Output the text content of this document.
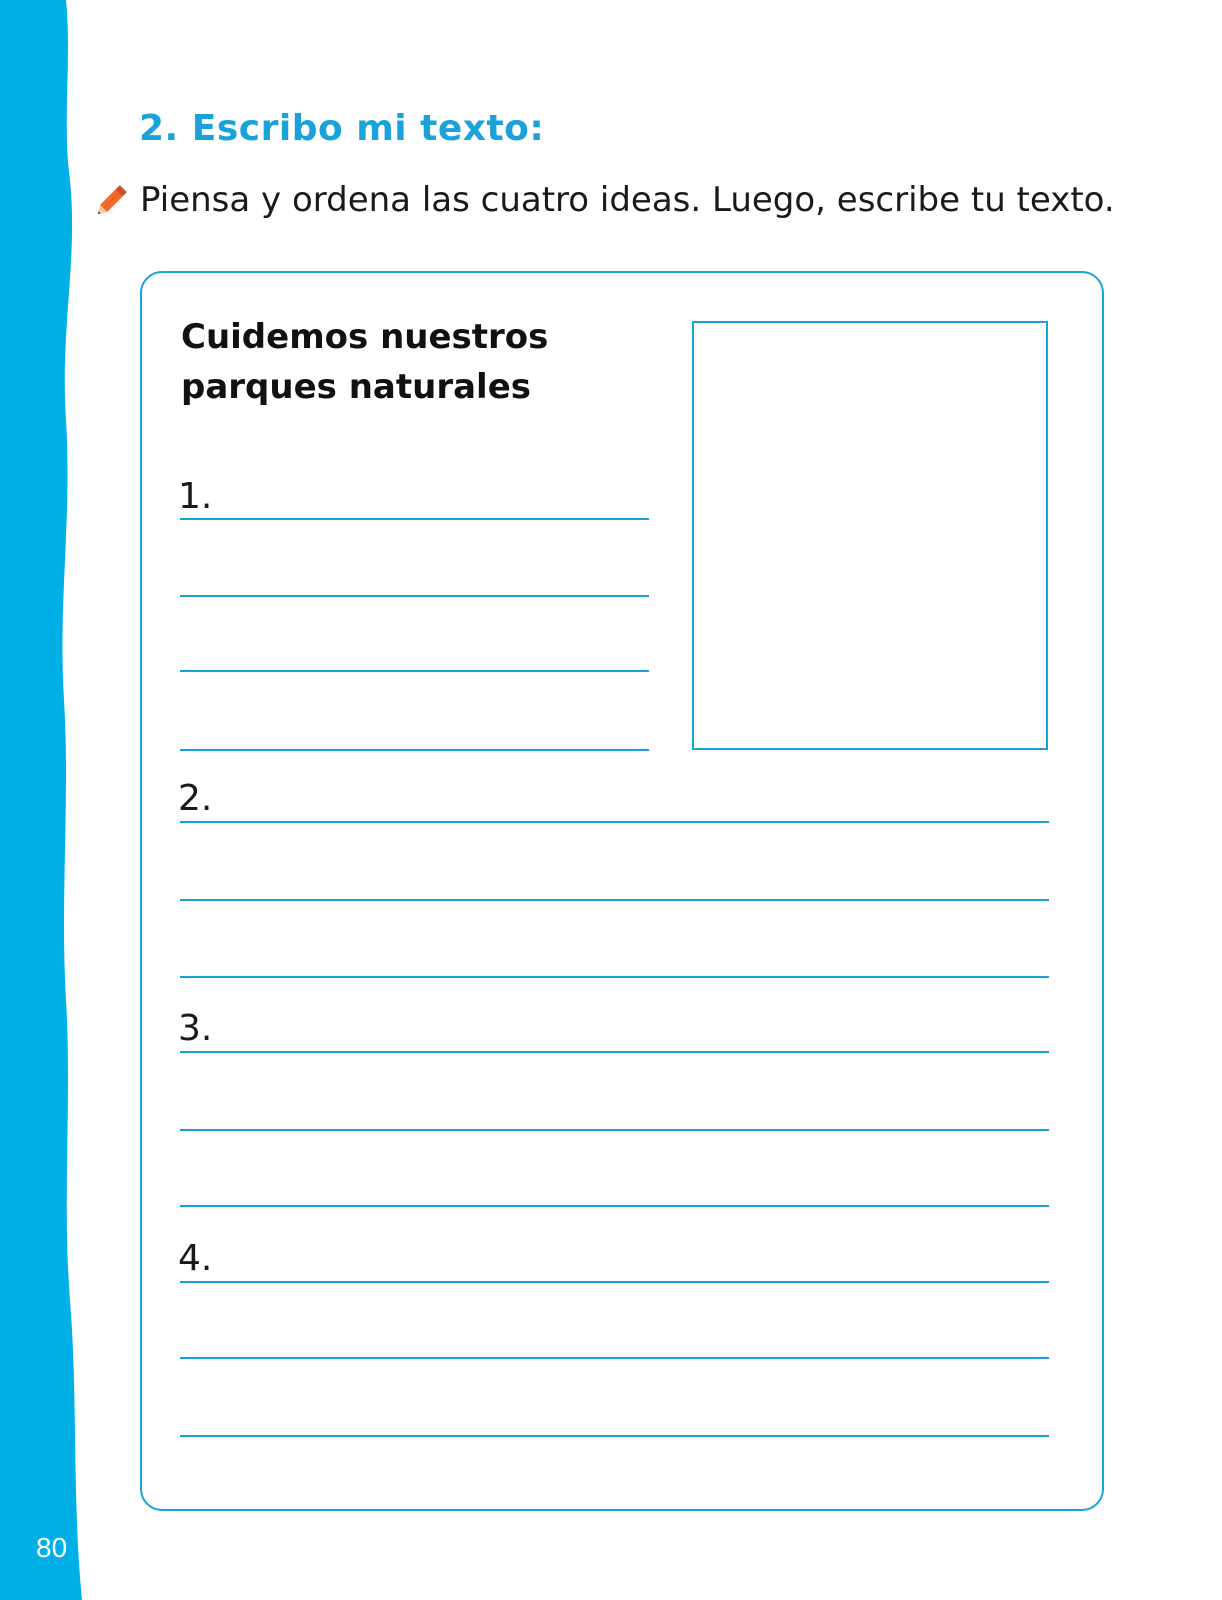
80
2. Escribo mi texto:
Piensa y ordena las cuatro ideas. Luego, escribe tu texto.
Cuidemos nuestros parques naturales
1.
2.
3.
4.
